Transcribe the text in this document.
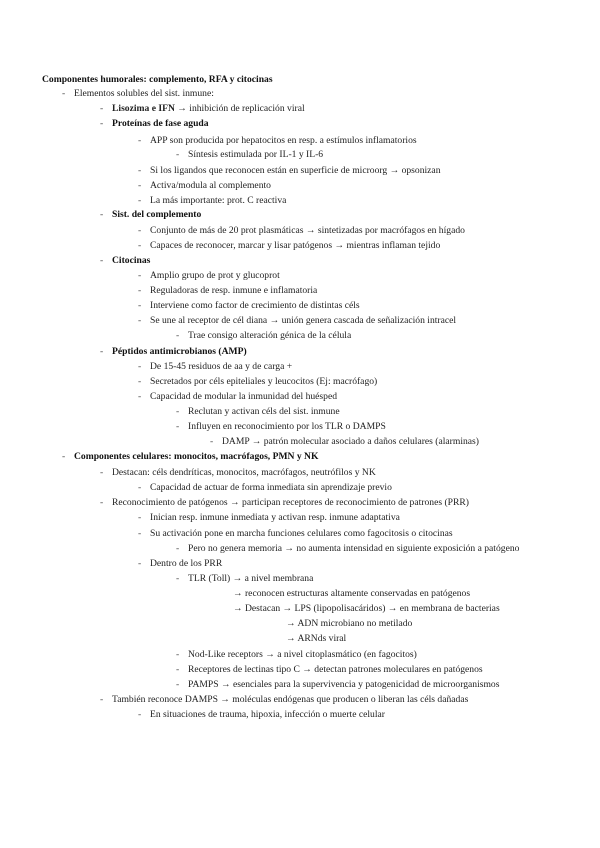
Componentes humorales: complemento, RFA y citocinas
- Elementos solubles del sist. inmune:
- Lisozima e IFN → inhibición de replicación viral
- Proteínas de fase aguda
- APP son producida por hepatocitos en resp. a estímulos inflamatorios
- Síntesis estimulada por IL-1 y IL-6
- Si los ligandos que reconocen están en superficie de microorg → opsonizan
- Activa/modula al complemento
- La más importante: prot. C reactiva
- Sist. del complemento
- Conjunto de más de 20 prot plasmáticas → sintetizadas por macrófagos en hígado
- Capaces de reconocer, marcar y lisar patógenos → mientras inflaman tejido
- Citocinas
- Amplio grupo de prot y glucoprot
- Reguladoras de resp. inmune e inflamatoria
- Interviene como factor de crecimiento de distintas céls
- Se une al receptor de cél diana → unión genera cascada de señalización intracel
- Trae consigo alteración génica de la célula
- Péptidos antimicrobianos (AMP)
- De 15-45 residuos de aa y de carga +
- Secretados por céls epiteliales y leucocitos (Ej: macrófago)
- Capacidad de modular la inmunidad del huésped
- Reclutan y activan céls del sist. inmune
- Influyen en reconocimiento por los TLR o DAMPS
- DAMP → patrón molecular asociado a daños celulares (alarminas)
- Componentes celulares: monocitos, macrófagos, PMN y NK
- Destacan: céls dendríticas, monocitos, macrófagos, neutrófilos y NK
- Capacidad de actuar de forma inmediata sin aprendizaje previo
- Reconocimiento de patógenos → participan receptores de reconocimiento de patrones (PRR)
- Inician resp. inmune inmediata y activan resp. inmune adaptativa
- Su activación pone en marcha funciones celulares como fagocitosis o citocinas
- Pero no genera memoria → no aumenta intensidad en siguiente exposición a patógeno
- Dentro de los PRR
- TLR (Toll) → a nivel membrana
→ reconocen estructuras altamente conservadas en patógenos
→ Destacan → LPS (lipopolisacáridos) → en membrana de bacterias
→ ADN microbiano no metilado
→ ARNds viral
- Nod-Like receptors → a nivel citoplasmático (en fagocitos)
- Receptores de lectinas tipo C → detectan patrones moleculares en patógenos
- PAMPS → esenciales para la supervivencia y patogenicidad de microorganismos
- También reconoce DAMPS → moléculas endógenas que producen o liberan las céls dañadas
- En situaciones de trauma, hipoxia, infección o muerte celular
